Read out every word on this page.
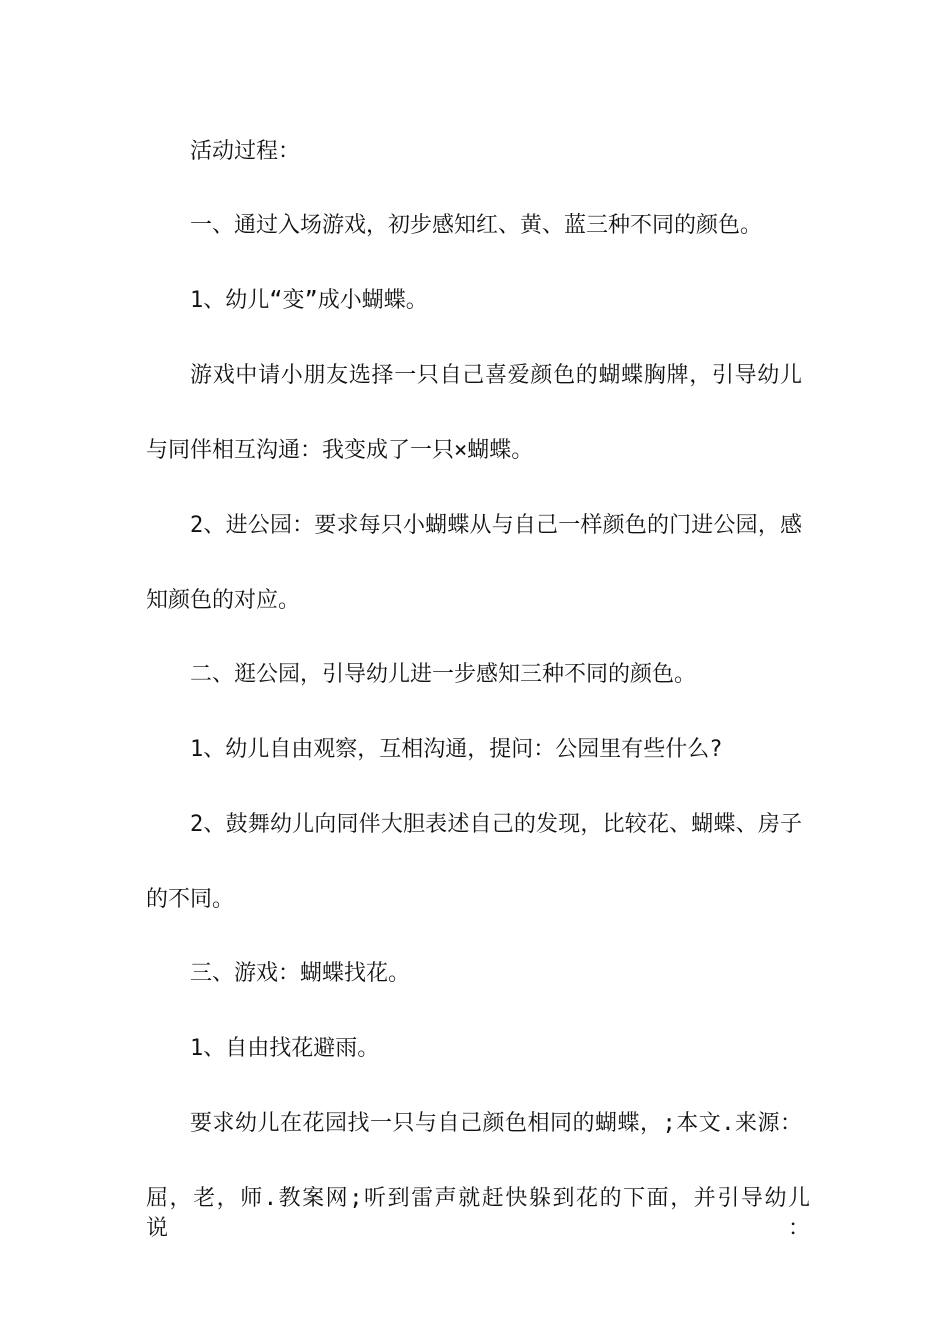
活动过程：

一、通过入场游戏，初步感知红、黄、蓝三种不同的颜色。

1、幼儿“变”成小蝴蝶。

游戏中请小朋友选择一只自己喜爱颜色的蝴蝶胸牌，引导幼儿

与同伴相互沟通：我变成了一只×蝴蝶。

2、进公园：要求每只小蝴蝶从与自己一样颜色的门进公园，感

知颜色的对应。

二、逛公园，引导幼儿进一步感知三种不同的颜色。

1、幼儿自由观察，互相沟通，提问：公园里有些什么?

2、鼓舞幼儿向同伴大胆表述自己的发现，比较花、蝴蝶、房子

的不同。

三、游戏：蝴蝶找花。

1、自由找花避雨。

要求幼儿在花园找一只与自己颜色相同的蝴蝶，;本文.来源：

屈，老，师.教案网;听到雷声就赶快躲到花的下面，并引导幼儿说：
